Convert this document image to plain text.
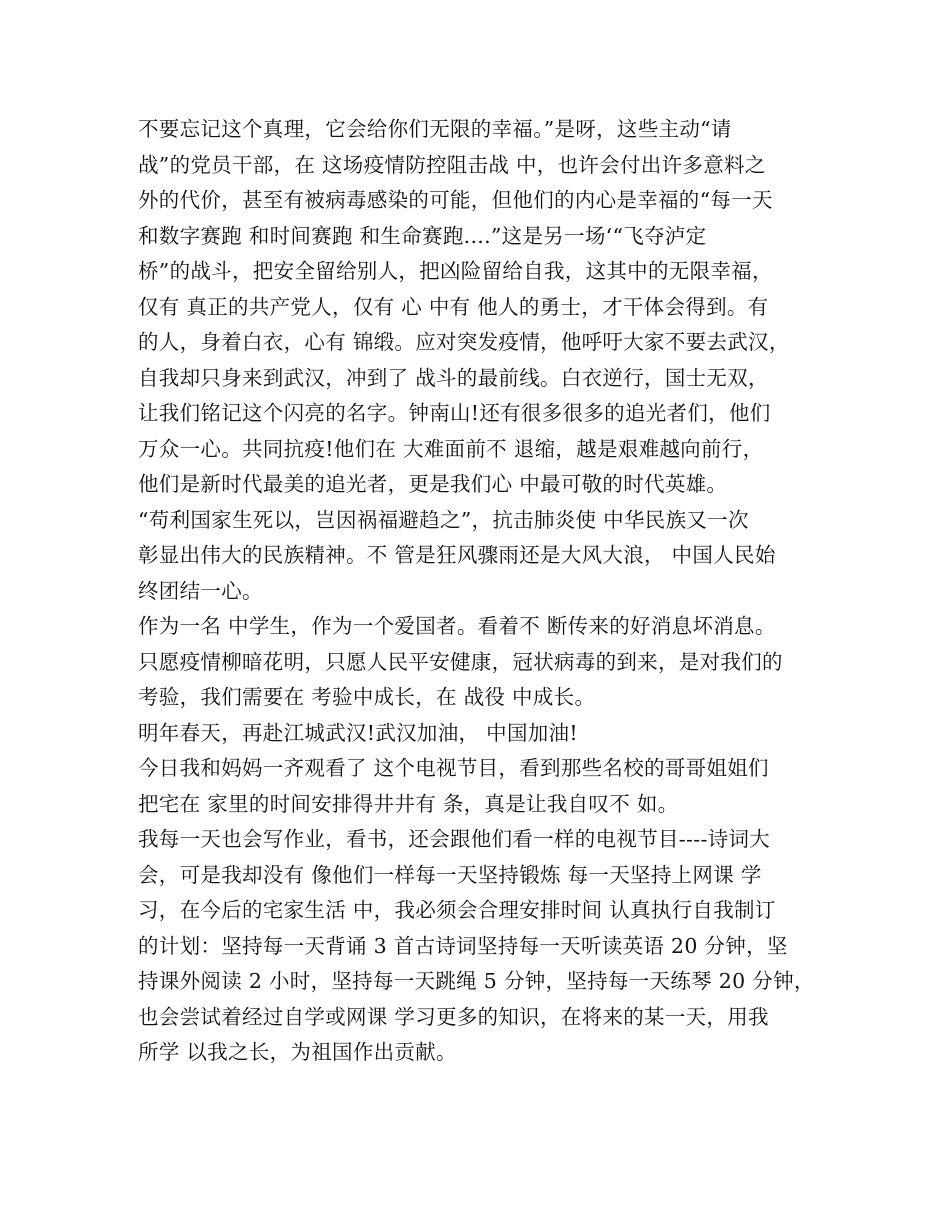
不要忘记这个真理，它会给你们无限的幸福。”是呀，这些主动“请
战”的党员干部，在 这场疫情防控阻击战 中，也许会付出许多意料之
外的代价，甚至有被病毒感染的可能，但他们的内心是幸福的“每一天
和数字赛跑 和时间赛跑 和生命赛跑....”这是另一场‘“飞夺泸定
桥”的战斗，把安全留给别人，把凶险留给自我，这其中的无限幸福，
仅有 真正的共产党人，仅有 心 中有 他人的勇士，才干体会得到。有
的人，身着白衣，心有 锦缎。应对突发疫情，他呼吁大家不要去武汉，
自我却只身来到武汉，冲到了 战斗的最前线。白衣逆行，国士无双，
让我们铭记这个闪亮的名字。钟南山!还有很多很多的追光者们，他们
万众一心。共同抗疫!他们在 大难面前不 退缩，越是艰难越向前行，
他们是新时代最美的追光者，更是我们心 中最可敬的时代英雄。
“苟利国家生死以，岂因祸福避趋之”，抗击肺炎使 中华民族又一次
彰显出伟大的民族精神。不 管是狂风骤雨还是大风大浪， 中国人民始
终团结一心。
作为一名 中学生，作为一个爱国者。看着不 断传来的好消息坏消息。
只愿疫情柳暗花明，只愿人民平安健康，冠状病毒的到来，是对我们的
考验，我们需要在 考验中成长，在 战役 中成长。
明年春天，再赴江城武汉!武汉加油， 中国加油!
今日我和妈妈一齐观看了 这个电视节目，看到那些名校的哥哥姐姐们
把宅在 家里的时间安排得井井有 条，真是让我自叹不 如。
我每一天也会写作业，看书，还会跟他们看一样的电视节目----诗词大
会，可是我却没有 像他们一样每一天坚持锻炼 每一天坚持上网课 学
习，在今后的宅家生活 中，我必须会合理安排时间 认真执行自我制订
的计划：坚持每一天背诵 3 首古诗词坚持每一天听读英语 20 分钟，坚
持课外阅读 2 小时，坚持每一天跳绳 5 分钟，坚持每一天练琴 20 分钟，
也会尝试着经过自学或网课 学习更多的知识，在将来的某一天，用我
所学 以我之长，为祖国作出贡献。
